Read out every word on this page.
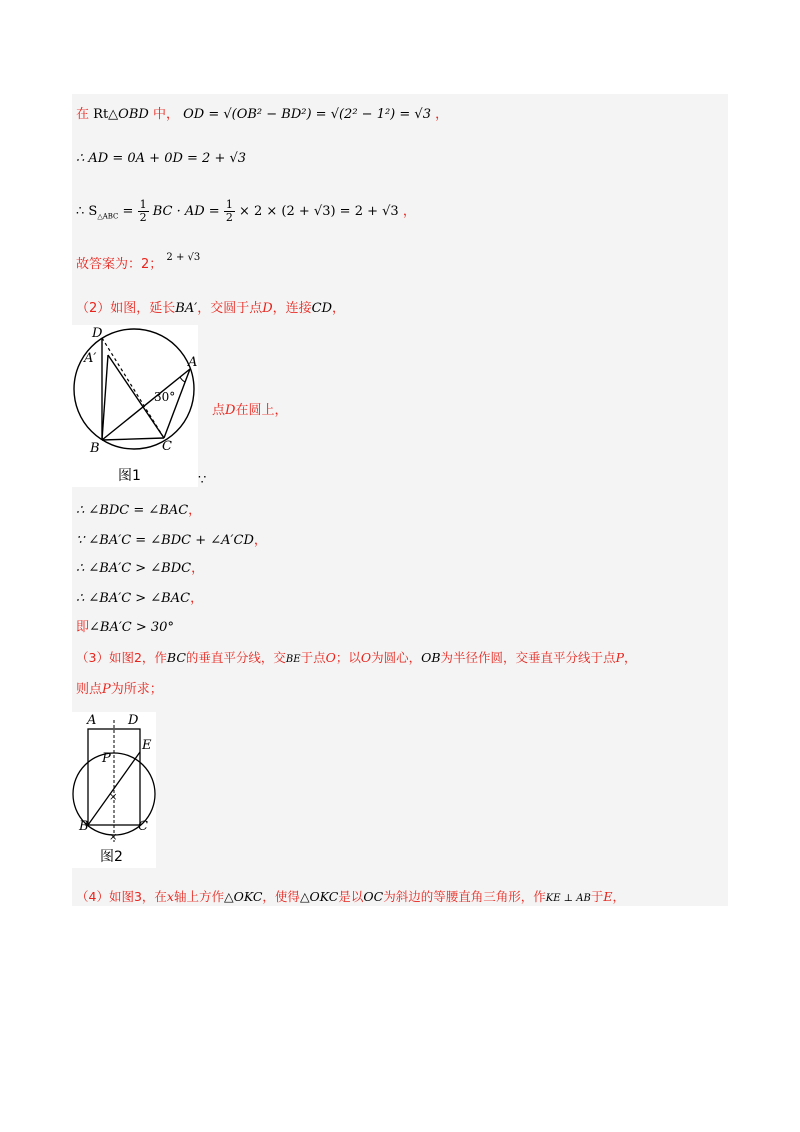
在 Rt△OBD 中， OD = √(OB² − BD²) = √(2² − 1²) = √3 ，
∴ AD = 0A + 0D = 2 + √3
∴ $S_{\triangle ABC} = \frac{1}{2}$ BC · AD = $\frac{1}{2} \times 2 \times (2 + √3) = 2 + √3$ ，
故答案为：2； $^{2 + √3}$
（2）如图，延长BA′，交圆于点D，连接CD，
D
A′	A
30°
B	C
图1
点D在圆上，
∵
∴ ∠BDC = ∠BAC，
∵ ∠BA′C = ∠BDC + ∠A′CD，
∴ ∠BA′C > ∠BDC，
∴ ∠BA′C > ∠BAC，
即∠BA′C > 30°
（3）如图2，作BC的垂直平分线，交BE于点O；以O为圆心，OB为半径作圆，交垂直平分线于点P，
则点P为所求；
×
×
A D
E
P
B	C
图2
（4）如图3，在x轴上方作△OKC，使得△OKC是以OC为斜边的等腰直角三角形，作KE ⊥ AB于E，
